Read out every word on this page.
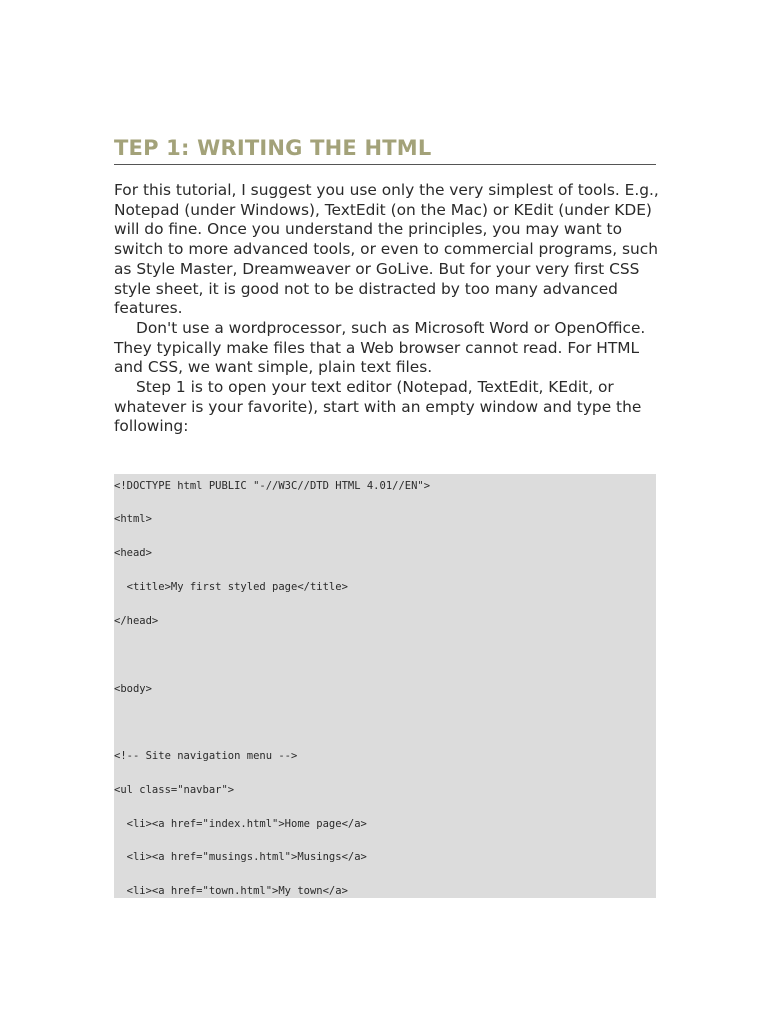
TEP 1: WRITING THE HTML

For this tutorial, I suggest you use only the very simplest of tools. E.g., Notepad (under Windows), TextEdit (on the Mac) or KEdit (under KDE) will do fine. Once you understand the principles, you may want to switch to more advanced tools, or even to commercial programs, such as Style Master, Dreamweaver or GoLive. But for your very first CSS style sheet, it is good not to be distracted by too many advanced features.

Don't use a wordprocessor, such as Microsoft Word or OpenOffice. They typically make files that a Web browser cannot read. For HTML and CSS, we want simple, plain text files.

Step 1 is to open your text editor (Notepad, TextEdit, KEdit, or whatever is your favorite), start with an empty window and type the following:

<!DOCTYPE html PUBLIC "-//W3C//DTD HTML 4.01//EN">
<html>
<head>
<title>My first styled page</title>
</head>
<body>
<!-- Site navigation menu -->
<ul class="navbar">
<li><a href="index.html">Home page</a>
<li><a href="musings.html">Musings</a>
<li><a href="town.html">My town</a>
